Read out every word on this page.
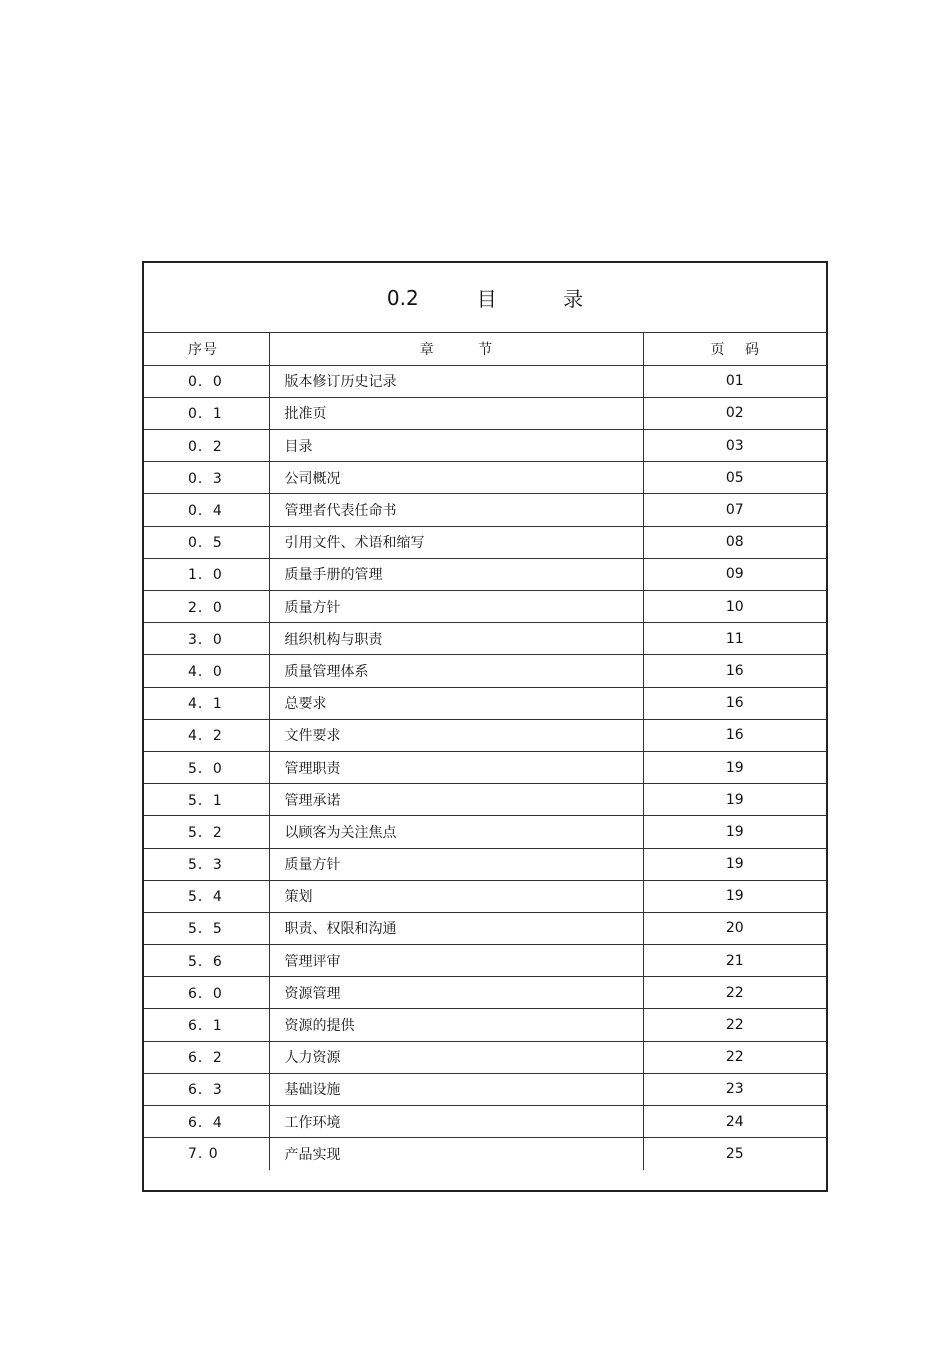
0.2	目 录
序号	章 节	页 码
0．0	版本修订历史记录	01
0．1	批准页	02
0．2	目录	03
0．3	公司概况	05
0．4	管理者代表任命书	07
0．5	引用文件、术语和缩写	08
1．0	质量手册的管理	09
2．0	质量方针	10
3．0	组织机构与职责	11
4．0	质量管理体系	16
4．1	总要求	16
4．2	文件要求	16
5．0	管理职责	19
5．1	管理承诺	19
5．2	以顾客为关注焦点	19
5．3	质量方针	19
5．4	策划	19
5．5	职责、权限和沟通	20
5．6	管理评审	21
6．0	资源管理	22
6．1	资源的提供	22
6．2	人力资源	22
6．3	基础设施	23
6．4	工作环境	24
7. 0	产品实现	25
